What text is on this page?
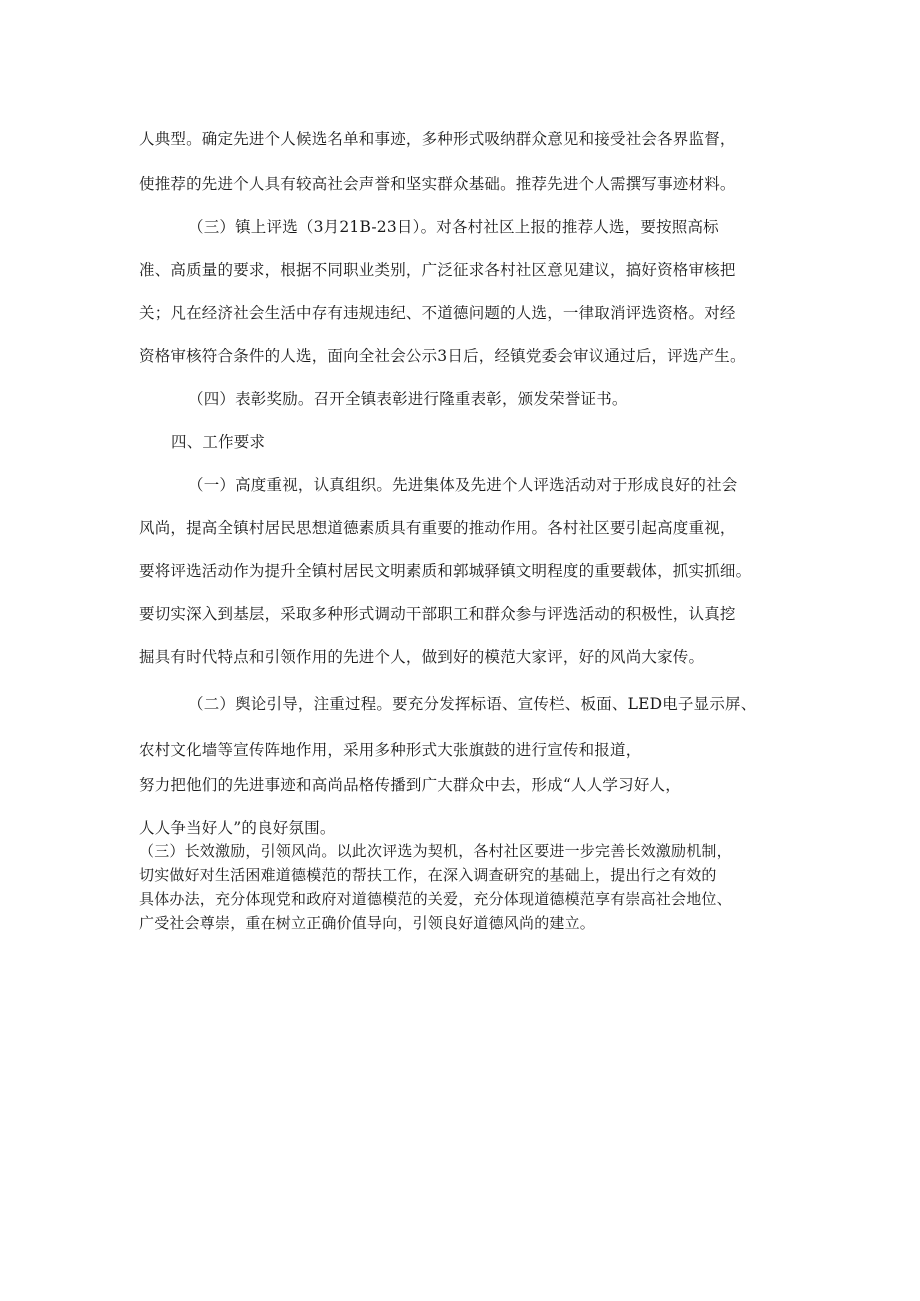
人典型。确定先进个人候选名单和事迹，多种形式吸纳群众意见和接受社会各界监督，
使推荐的先进个人具有较高社会声誉和坚实群众基础。推荐先进个人需撰写事迹材料。
（三）镇上评选（3月21B-23日）。对各村社区上报的推荐人选，要按照高标
准、高质量的要求，根据不同职业类别，广泛征求各村社区意见建议，搞好资格审核把
关；凡在经济社会生活中存有违规违纪、不道德问题的人选，一律取消评选资格。对经
资格审核符合条件的人选，面向全社会公示3日后，经镇党委会审议通过后，评选产生。
（四）表彰奖励。召开全镇表彰进行隆重表彰，颁发荣誉证书。
四、工作要求
（一）高度重视，认真组织。先进集体及先进个人评选活动对于形成良好的社会
风尚，提高全镇村居民思想道德素质具有重要的推动作用。各村社区要引起高度重视，
要将评选活动作为提升全镇村居民文明素质和郭城驿镇文明程度的重要载体，抓实抓细。
要切实深入到基层，采取多种形式调动干部职工和群众参与评选活动的积极性，认真挖
掘具有时代特点和引领作用的先进个人，做到好的模范大家评，好的风尚大家传。
（二）舆论引导，注重过程。要充分发挥标语、宣传栏、板面、LED电子显示屏、
农村文化墙等宣传阵地作用，采用多种形式大张旗鼓的进行宣传和报道，
努力把他们的先进事迹和高尚品格传播到广大群众中去，形成“人人学习好人，
人人争当好人”的良好氛围。
（三）长效激励，引领风尚。以此次评选为契机，各村社区要进一步完善长效激励机制，
切实做好对生活困难道德模范的帮扶工作，在深入调查研究的基础上，提出行之有效的
具体办法，充分体现党和政府对道德模范的关爱，充分体现道德模范享有崇高社会地位、
广受社会尊崇，重在树立正确价值导向，引领良好道德风尚的建立。
